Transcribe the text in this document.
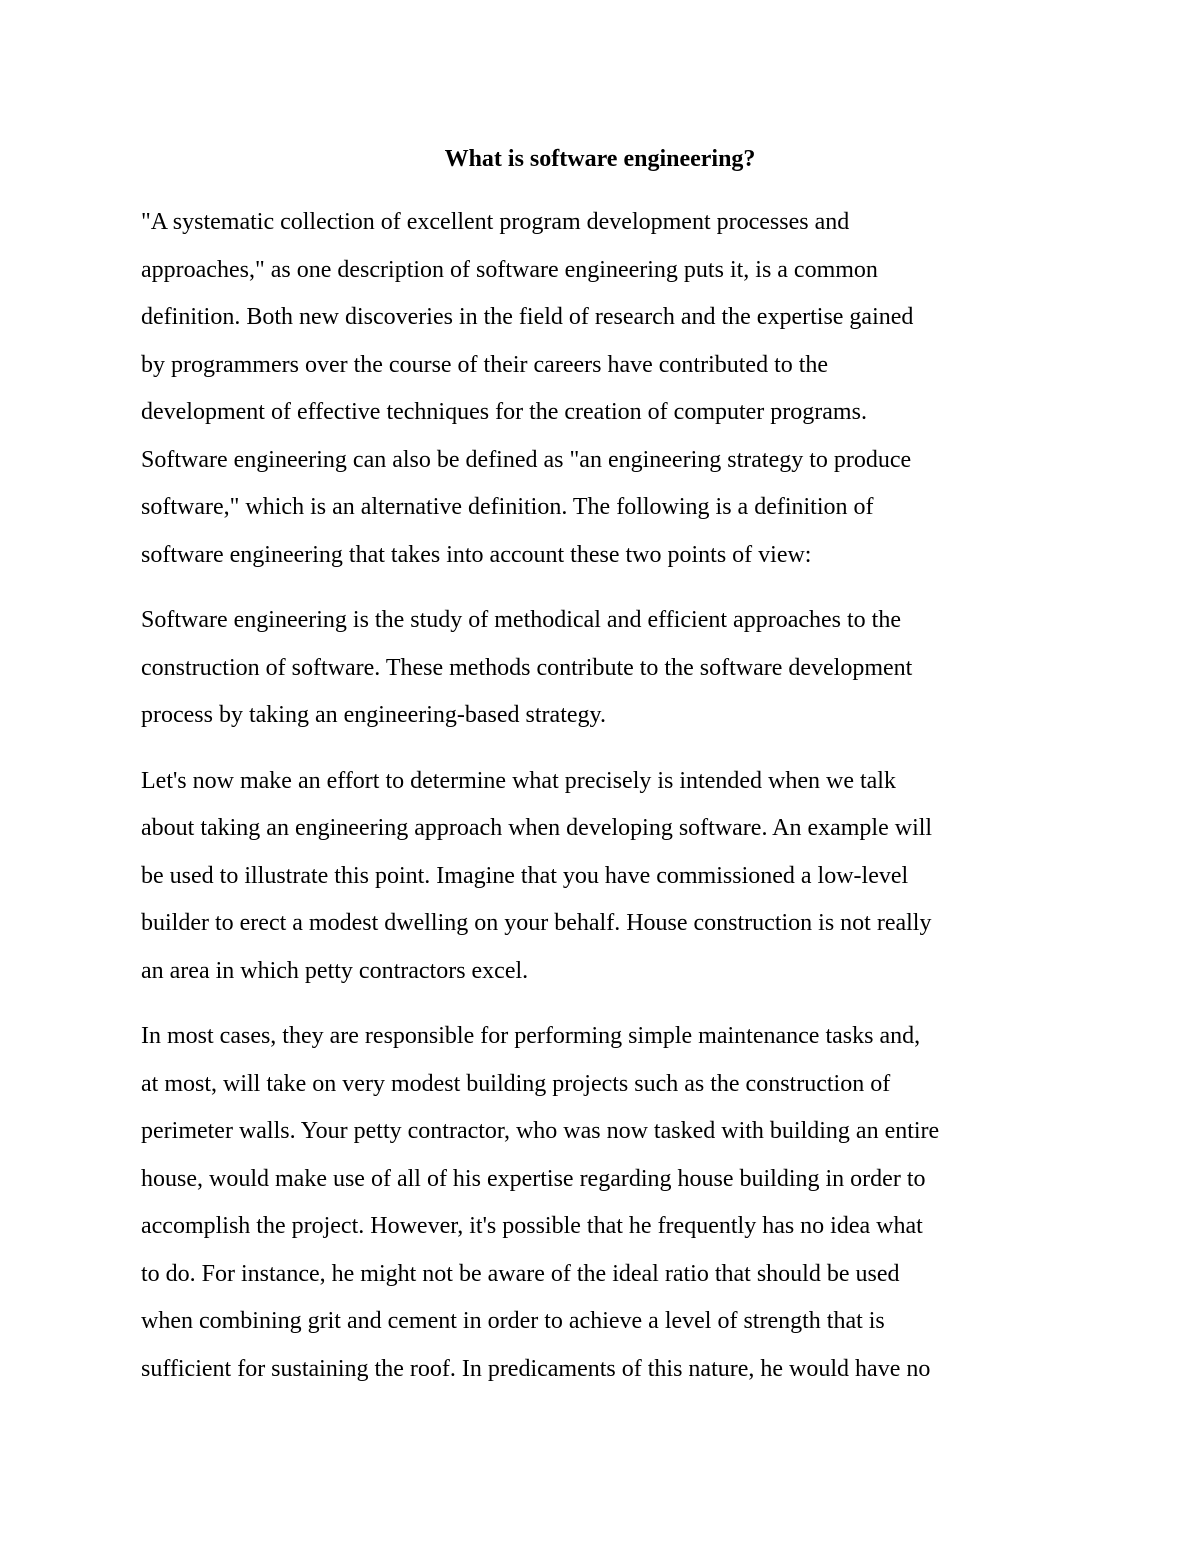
What is software engineering?

"A systematic collection of excellent program development processes and
approaches," as one description of software engineering puts it, is a common
definition. Both new discoveries in the field of research and the expertise gained
by programmers over the course of their careers have contributed to the
development of effective techniques for the creation of computer programs.
Software engineering can also be defined as "an engineering strategy to produce
software," which is an alternative definition. The following is a definition of
software engineering that takes into account these two points of view:

Software engineering is the study of methodical and efficient approaches to the
construction of software. These methods contribute to the software development
process by taking an engineering-based strategy.

Let's now make an effort to determine what precisely is intended when we talk
about taking an engineering approach when developing software. An example will
be used to illustrate this point. Imagine that you have commissioned a low-level
builder to erect a modest dwelling on your behalf. House construction is not really
an area in which petty contractors excel.

In most cases, they are responsible for performing simple maintenance tasks and,
at most, will take on very modest building projects such as the construction of
perimeter walls. Your petty contractor, who was now tasked with building an entire
house, would make use of all of his expertise regarding house building in order to
accomplish the project. However, it's possible that he frequently has no idea what
to do. For instance, he might not be aware of the ideal ratio that should be used
when combining grit and cement in order to achieve a level of strength that is
sufficient for sustaining the roof. In predicaments of this nature, he would have no
